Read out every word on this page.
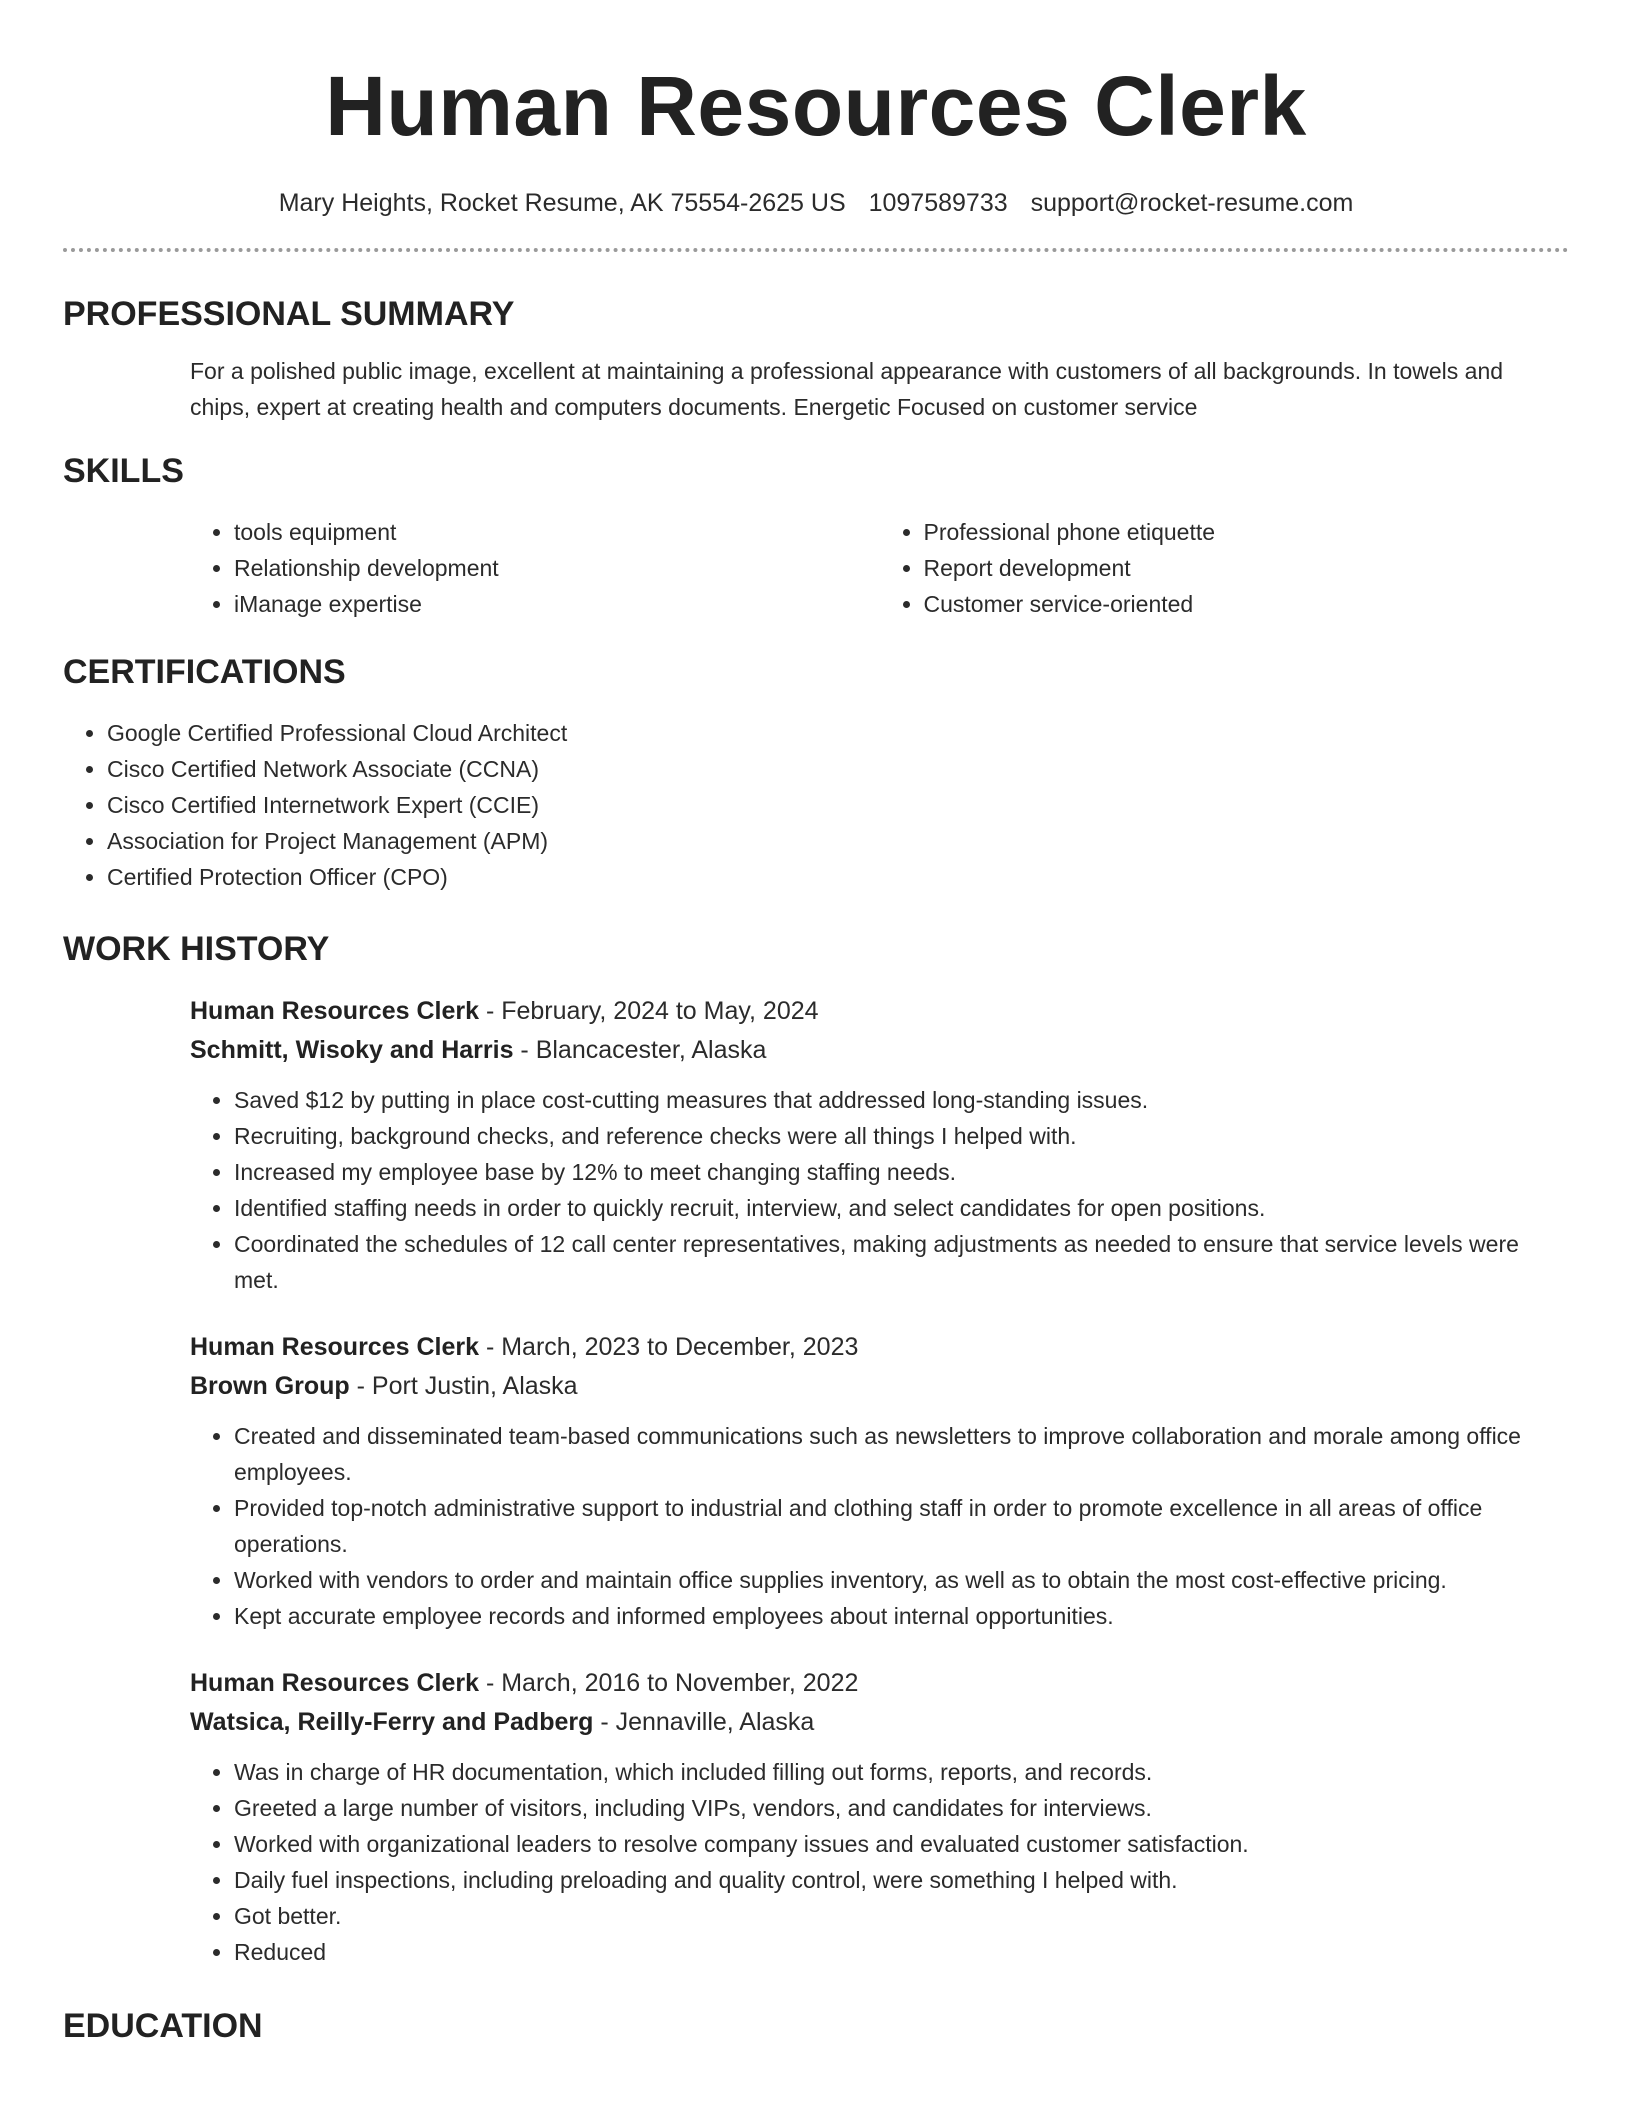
Human Resources Clerk
Mary Heights, Rocket Resume, AK 75554-2625 US 1097589733 support@rocket-resume.com
PROFESSIONAL SUMMARY
For a polished public image, excellent at maintaining a professional appearance with customers of all backgrounds. In towels and chips, expert at creating health and computers documents. Energetic Focused on customer service
SKILLS
• tools equipment
• Relationship development
• iManage expertise
• Professional phone etiquette
• Report development
• Customer service-oriented
CERTIFICATIONS
• Google Certified Professional Cloud Architect
• Cisco Certified Network Associate (CCNA)
• Cisco Certified Internetwork Expert (CCIE)
• Association for Project Management (APM)
• Certified Protection Officer (CPO)
WORK HISTORY
Human Resources Clerk - February, 2024 to May, 2024
Schmitt, Wisoky and Harris - Blancacester, Alaska
• Saved $12 by putting in place cost-cutting measures that addressed long-standing issues.
• Recruiting, background checks, and reference checks were all things I helped with.
• Increased my employee base by 12% to meet changing staffing needs.
• Identified staffing needs in order to quickly recruit, interview, and select candidates for open positions.
• Coordinated the schedules of 12 call center representatives, making adjustments as needed to ensure that service levels were met.
Human Resources Clerk - March, 2023 to December, 2023
Brown Group - Port Justin, Alaska
• Created and disseminated team-based communications such as newsletters to improve collaboration and morale among office employees.
• Provided top-notch administrative support to industrial and clothing staff in order to promote excellence in all areas of office operations.
• Worked with vendors to order and maintain office supplies inventory, as well as to obtain the most cost-effective pricing.
• Kept accurate employee records and informed employees about internal opportunities.
Human Resources Clerk - March, 2016 to November, 2022
Watsica, Reilly-Ferry and Padberg - Jennaville, Alaska
• Was in charge of HR documentation, which included filling out forms, reports, and records.
• Greeted a large number of visitors, including VIPs, vendors, and candidates for interviews.
• Worked with organizational leaders to resolve company issues and evaluated customer satisfaction.
• Daily fuel inspections, including preloading and quality control, were something I helped with.
• Got better.
• Reduced
EDUCATION
